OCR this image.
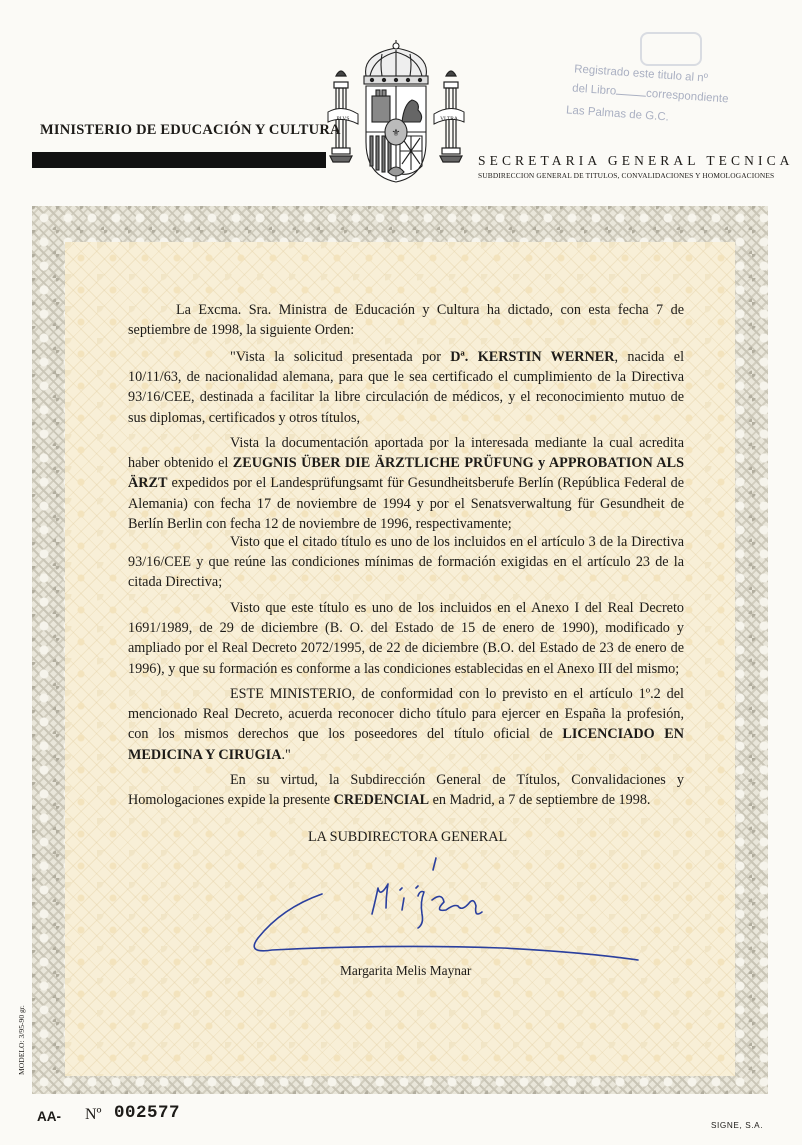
MINISTERIO DE EDUCACIÓN Y CULTURA
PLVS	VLTRA
⚜
SECRETARIA GENERAL TECNICA
SUBDIRECCION GENERAL DE TITULOS, CONVALIDACIONES Y HOMOLOGACIONES
Registrado este titulo al nº
del Libro	correspondiente
Las Palmas de G.C.
La Excma. Sra. Ministra de Educación y Cultura ha dictado, con esta fecha 7 de septiembre de 1998, la siguiente Orden:
"Vista la solicitud presentada por Dª. KERSTIN WERNER, nacida el 10/11/63, de nacionalidad alemana, para que le sea certificado el cumplimiento de la Directiva 93/16/CEE, destinada a facilitar la libre circulación de médicos, y el reconocimiento mutuo de sus diplomas, certificados y otros títulos,
Vista la documentación aportada por la interesada mediante la cual acredita haber obtenido el ZEUGNIS ÜBER DIE ÄRZTLICHE PRÜFUNG y APPROBATION ALS ÄRZT expedidos por el Landesprüfungsamt für Gesundheitsberufe Berlín (República Federal de Alemania) con fecha 17 de noviembre de 1994 y por el Senatsverwaltung für Gesundheit de Berlín Berlin con fecha 12 de noviembre de 1996, respectivamente;
Visto que el citado título es uno de los incluidos en el artículo 3 de la Directiva 93/16/CEE y que reúne las condiciones mínimas de formación exigidas en el artículo 23 de la citada Directiva;
Visto que este título es uno de los incluidos en el Anexo I del Real Decreto 1691/1989, de 29 de diciembre (B. O. del Estado de 15 de enero de 1990), modificado y ampliado por el Real Decreto 2072/1995, de 22 de diciembre (B.O. del Estado de 23 de enero de 1996), y que su formación es conforme a las condiciones establecidas en el Anexo III del mismo;
ESTE MINISTERIO, de conformidad con lo previsto en el artículo 1º.2 del mencionado Real Decreto, acuerda reconocer dicho título para ejercer en España la profesión, con los mismos derechos que los poseedores del título oficial de LICENCIADO EN MEDICINA Y CIRUGIA."
En su virtud, la Subdirección General de Títulos, Convalidaciones y Homologaciones expide la presente CREDENCIAL en Madrid, a 7 de septiembre de 1998.
LA SUBDIRECTORA GENERAL
Margarita Melis Maynar
MODELO: 3/95-90 gr.
AA- Nº 002577
SIGNE, S.A.
